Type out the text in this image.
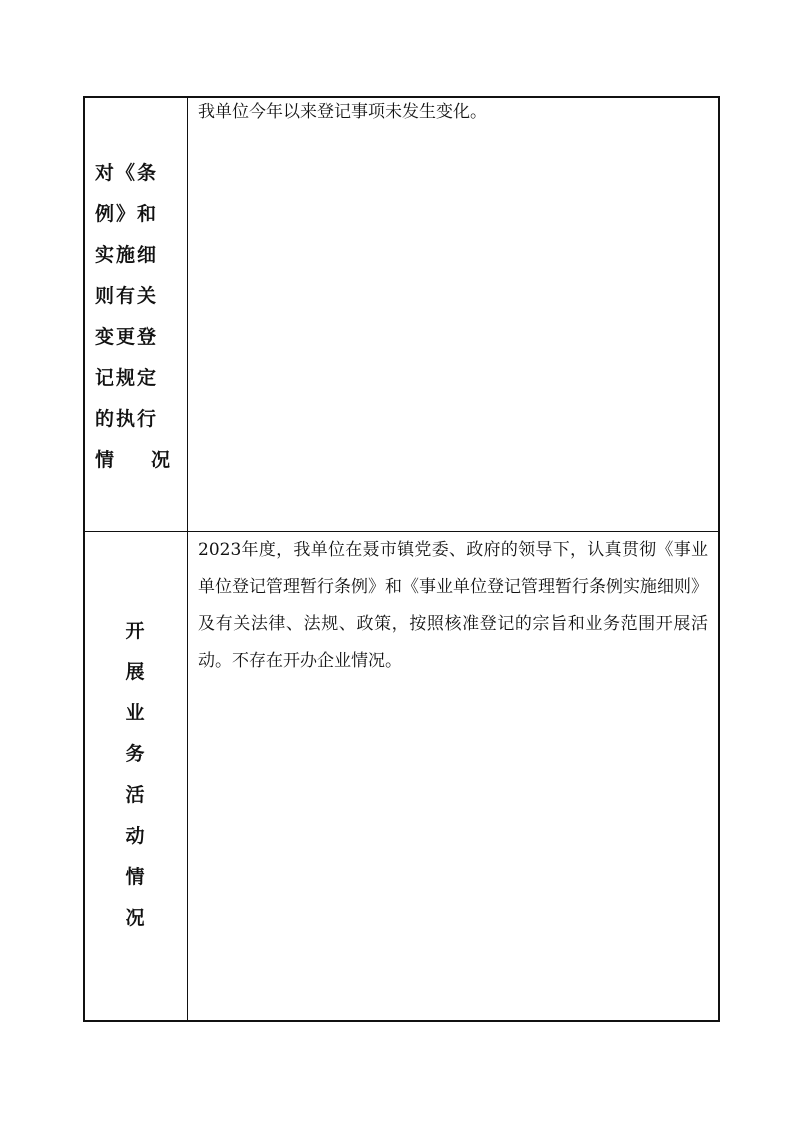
对《条
例》和
实施细
则有关
变更登
记规定
的执行
情 况
我单位今年以来登记事项未发生变化。
开
展
业
务
活
动
情
况
2023年度，我单位在聂市镇党委、政府的领导下，认真贯彻《事业单位登记管理暂行条例》和《事业单位登记管理暂行条例实施细则》及有关法律、法规、政策，按照核准登记的宗旨和业务范围开展活动。不存在开办企业情况。
